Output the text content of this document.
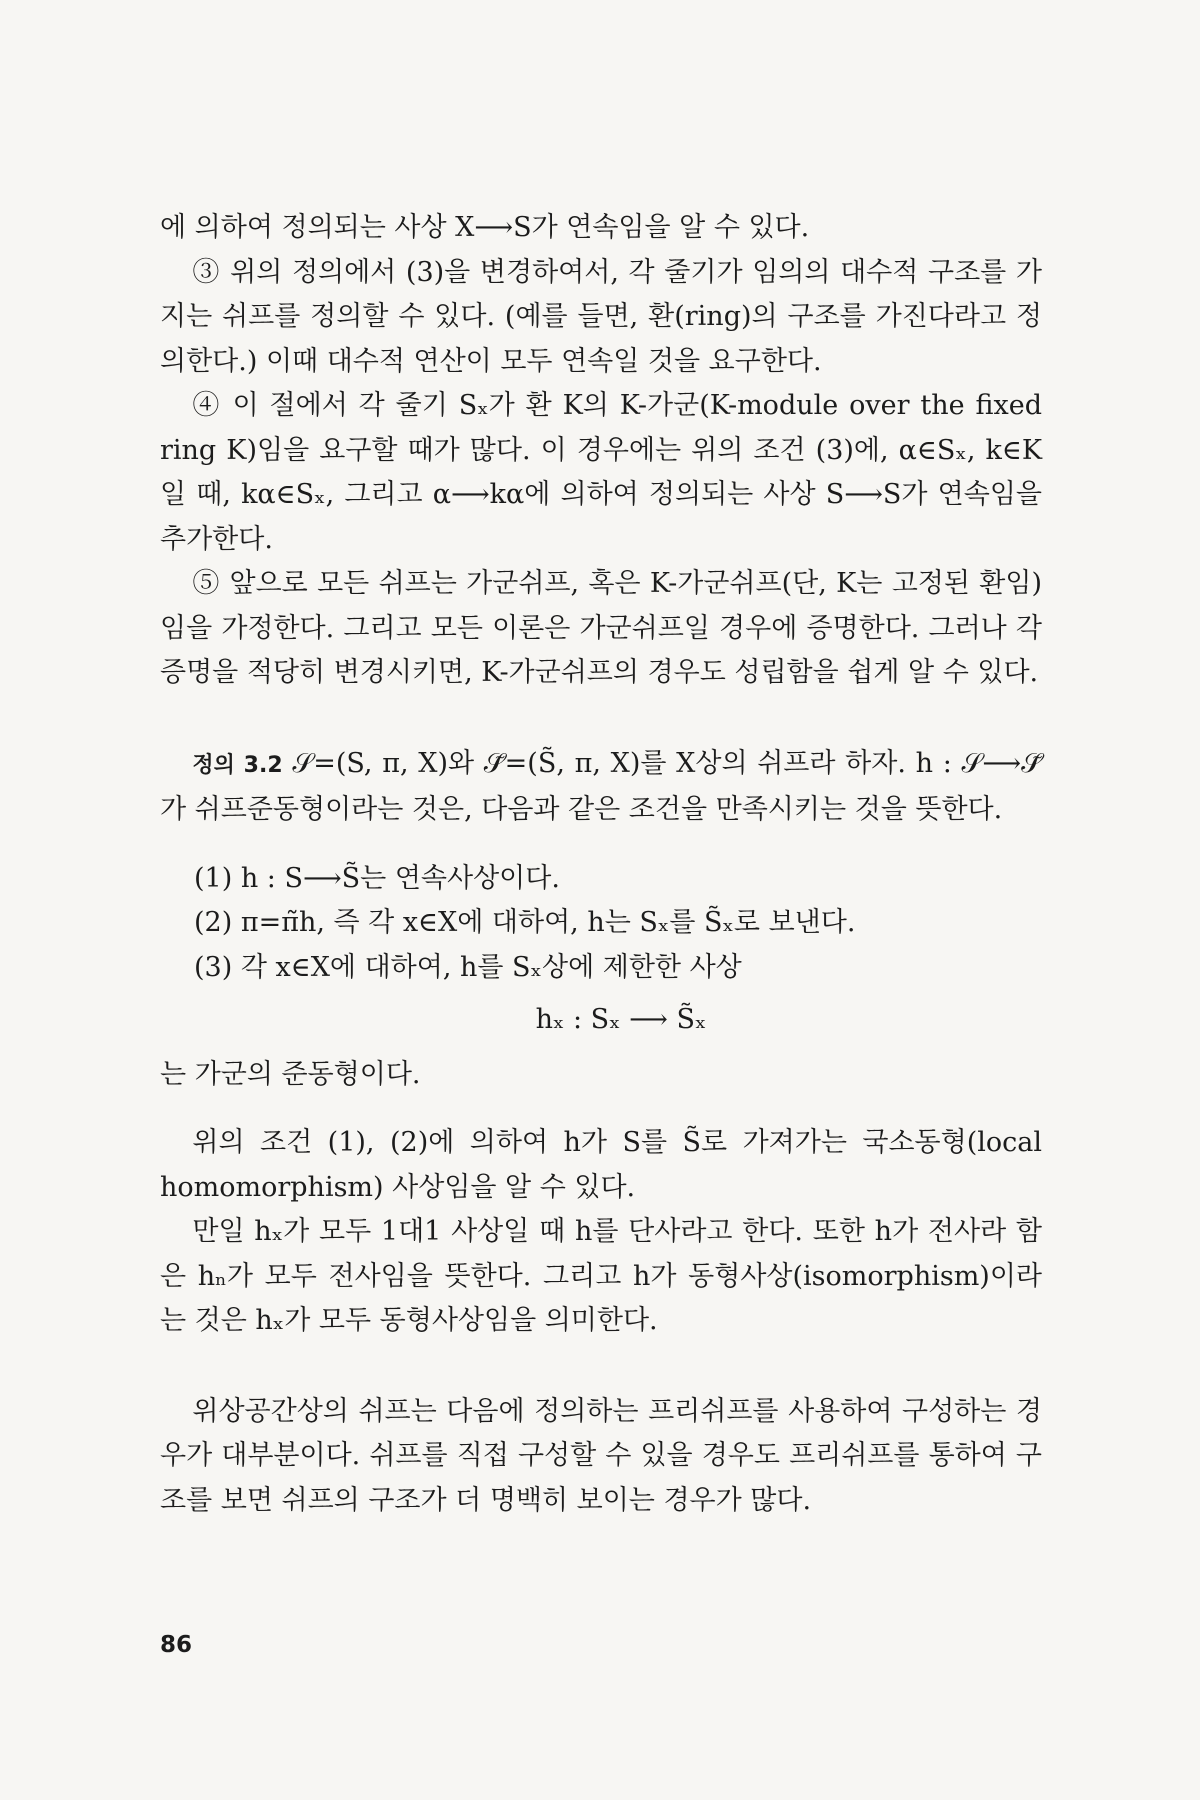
에 의하여 정의되는 사상 X⟶S가 연속임을 알 수 있다.

③ 위의 정의에서 (3)을 변경하여서, 각 줄기가 임의의 대수적 구조를 가지는 쉬프를 정의할 수 있다. (예를 들면, 환(ring)의 구조를 가진다라고 정의한다.) 이때 대수적 연산이 모두 연속일 것을 요구한다.

④ 이 절에서 각 줄기 Sₓ가 환 K의 K-가군(K-module over the fixed ring K)임을 요구할 때가 많다. 이 경우에는 위의 조건 (3)에, α∈Sₓ, k∈K일 때, kα∈Sₓ, 그리고 α⟶kα에 의하여 정의되는 사상 S⟶S가 연속임을 추가한다.

⑤ 앞으로 모든 쉬프는 가군쉬프, 혹은 K-가군쉬프(단, K는 고정된 환임)임을 가정한다. 그리고 모든 이론은 가군쉬프일 경우에 증명한다. 그러나 각 증명을 적당히 변경시키면, K-가군쉬프의 경우도 성립함을 쉽게 알 수 있다.

정의 3.2 𝒮=(S, π, X)와 𝒮̃=(S̃, π, X)를 X상의 쉬프라 하자. h : 𝒮⟶𝒮̃가 쉬프준동형이라는 것은, 다음과 같은 조건을 만족시키는 것을 뜻한다.

(1) h : S⟶S̃는 연속사상이다.

(2) π=π̃h, 즉 각 x∈X에 대하여, h는 Sₓ를 S̃ₓ로 보낸다.

(3) 각 x∈X에 대하여, h를 Sₓ상에 제한한 사상

hₓ : Sₓ ⟶ S̃ₓ

는 가군의 준동형이다.

위의 조건 (1), (2)에 의하여 h가 S를 S̃로 가져가는 국소동형(local homomorphism) 사상임을 알 수 있다.

만일 hₓ가 모두 1대1 사상일 때 h를 단사라고 한다. 또한 h가 전사라 함은 hₙ가 모두 전사임을 뜻한다. 그리고 h가 동형사상(isomorphism)이라는 것은 hₓ가 모두 동형사상임을 의미한다.

위상공간상의 쉬프는 다음에 정의하는 프리쉬프를 사용하여 구성하는 경우가 대부분이다. 쉬프를 직접 구성할 수 있을 경우도 프리쉬프를 통하여 구조를 보면 쉬프의 구조가 더 명백히 보이는 경우가 많다.

86
